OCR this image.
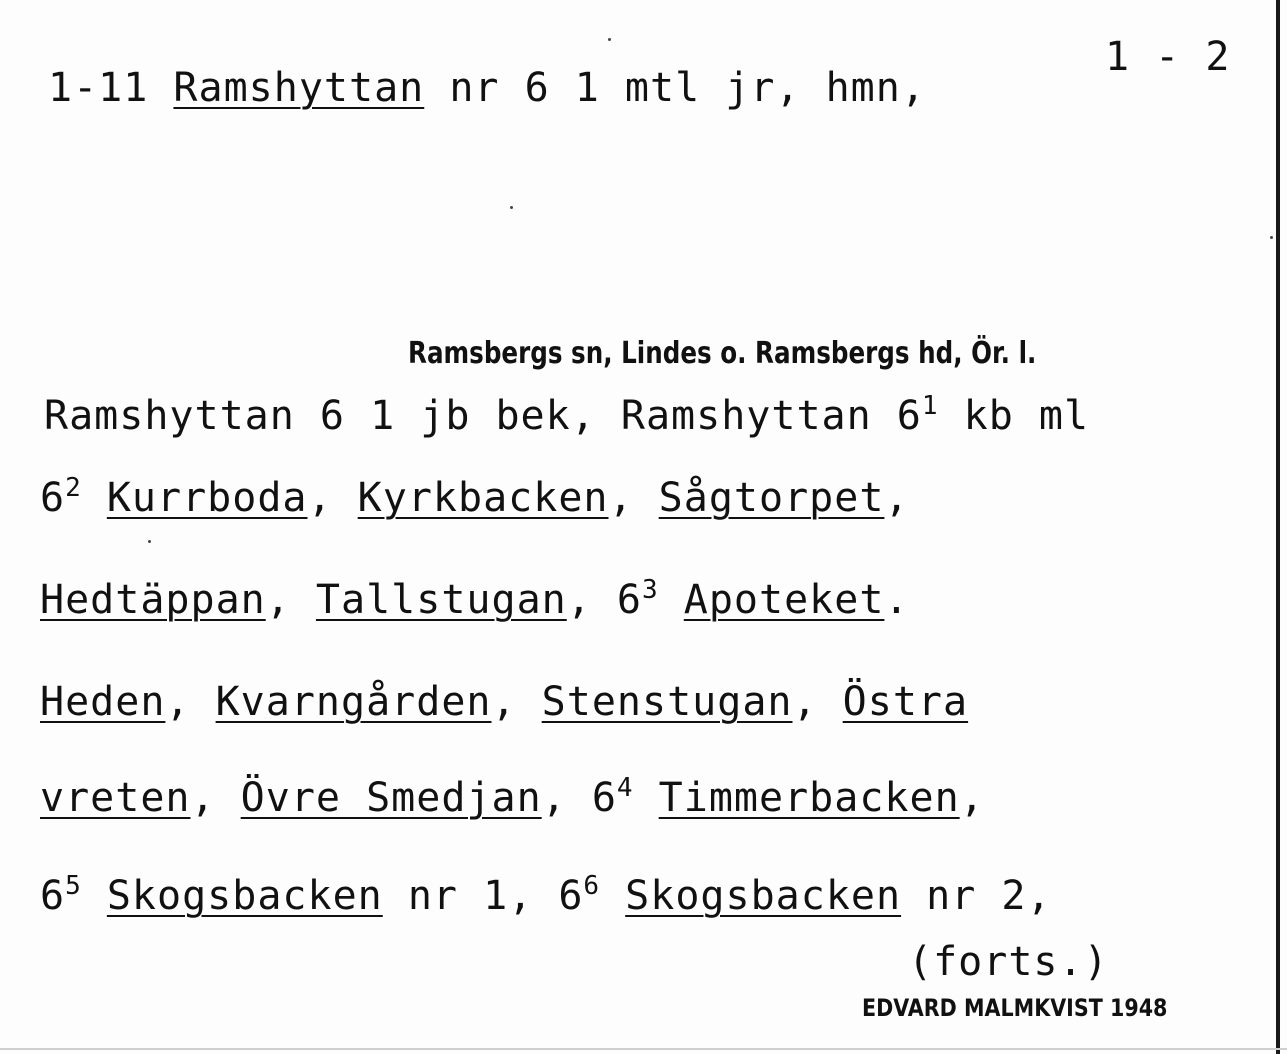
1 - 2
1-11 Ramshyttan nr 6 1 mtl jr, hmn,
Ramsbergs sn, Lindes o. Ramsbergs hd, Ör. l.
Ramshyttan 6 1 jb bek, Ramshyttan $6^1$ kb ml
$6^2$ Kurrboda, Kyrkbacken, Sågtorpet,
Hedtäppan, Tallstugan, $6^3$ Apoteket.
Heden, Kvarngården, Stenstugan, Östra
vreten, Övre Smedjan, $6^4$ Timmerbacken,
$6^5$ Skogsbacken nr 1, $6^6$ Skogsbacken nr 2,
(forts.)
EDVARD MALMKVIST 1948
